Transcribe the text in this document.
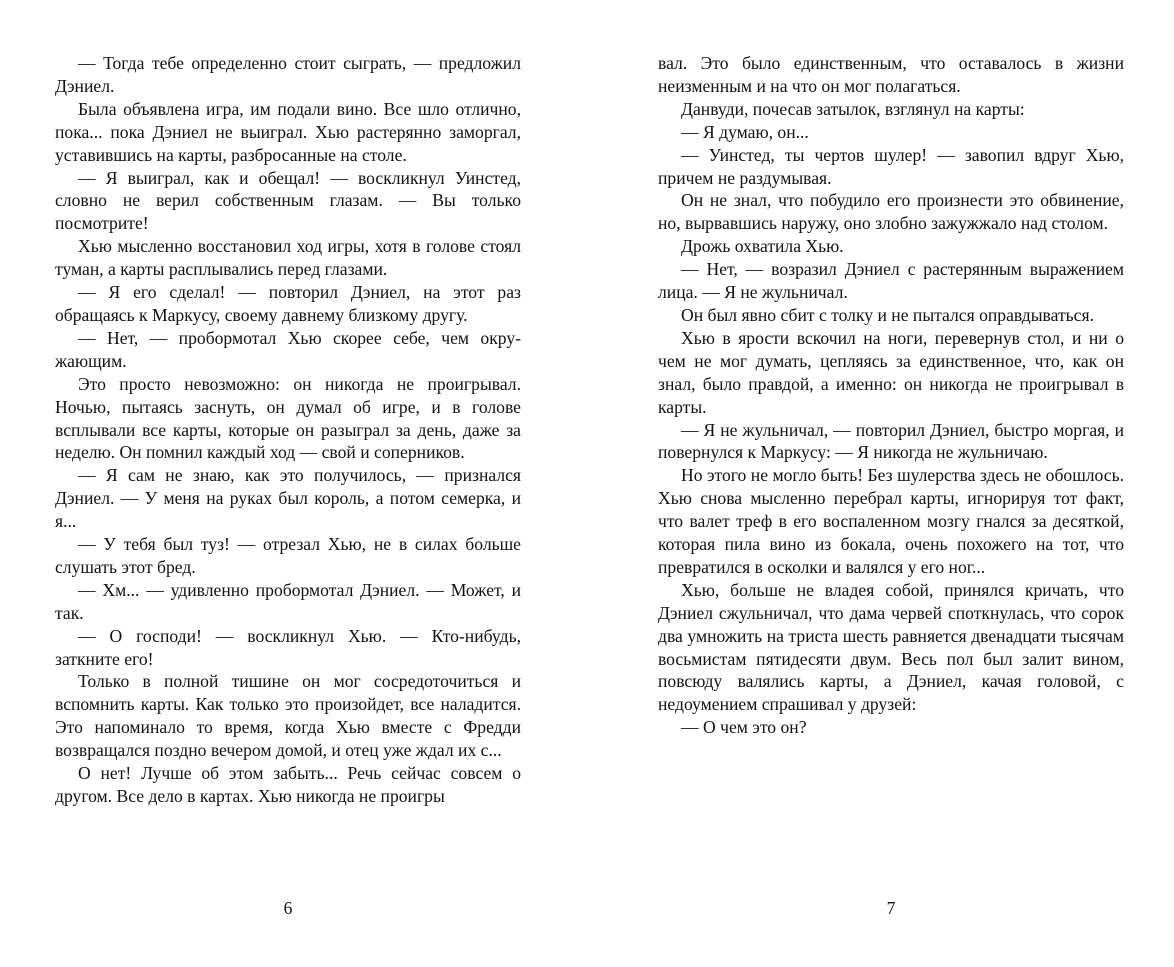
— Тогда тебе определенно стоит сыграть, — предложил Дэниел.

Была объявлена игра, им подали вино. Все шло отлично, пока... пока Дэниел не выиграл. Хью растерянно заморгал, уставившись на карты, разбросанные на столе.

— Я выиграл, как и обещал! — воскликнул Уинстед, словно не верил собственным глазам. — Вы только посмотрите!

Хью мысленно восстановил ход игры, хотя в голове стоял туман, а карты расплывались перед глазами.

— Я его сделал! — повторил Дэниел, на этот раз обращаясь к Маркусу, своему давнему близкому другу.

— Нет, — пробормотал Хью скорее себе, чем окружающим.

Это просто невозможно: он никогда не проигрывал. Ночью, пытаясь заснуть, он думал об игре, и в голове всплывали все карты, которые он разыграл за день, даже за неделю. Он помнил каждый ход — свой и соперников.

— Я сам не знаю, как это получилось, — признался Дэниел. — У меня на руках был король, а потом семерка, и я...

— У тебя был туз! — отрезал Хью, не в силах больше слушать этот бред.

— Хм... — удивленно пробормотал Дэниел. — Может, и так.

— О господи! — воскликнул Хью. — Кто-нибудь, заткните его!

Только в полной тишине он мог сосредоточиться и вспомнить карты. Как только это произойдет, все наладится. Это напоминало то время, когда Хью вместе с Фредди возвращался поздно вечером домой, и отец уже ждал их с...

О нет! Лучше об этом забыть... Речь сейчас совсем о другом. Все дело в картах. Хью никогда не проигры

6

вал. Это было единственным, что оставалось в жизни неизменным и на что он мог полагаться.

Данвуди, почесав затылок, взглянул на карты:

— Я думаю, он...

— Уинстед, ты чертов шулер! — завопил вдруг Хью, причем не раздумывая.

Он не знал, что побудило его произнести это обвинение, но, вырвавшись наружу, оно злобно зажужжало над столом.

Дрожь охватила Хью.

— Нет, — возразил Дэниел с растерянным выражением лица. — Я не жульничал.

Он был явно сбит с толку и не пытался оправдываться.

Хью в ярости вскочил на ноги, перевернув стол, и ни о чем не мог думать, цепляясь за единственное, что, как он знал, было правдой, а именно: он никогда не проигрывал в карты.

— Я не жульничал, — повторил Дэниел, быстро моргая, и повернулся к Маркусу: — Я никогда не жульничаю.

Но этого не могло быть! Без шулерства здесь не обошлось. Хью снова мысленно перебрал карты, игнорируя тот факт, что валет треф в его воспаленном мозгу гнался за десяткой, которая пила вино из бокала, очень похожего на тот, что превратился в осколки и валялся у его ног...

Хью, больше не владея собой, принялся кричать, что Дэниел сжульничал, что дама червей споткнулась, что сорок два умножить на триста шесть равняется двенадцати тысячам восьмистам пятидесяти двум. Весь пол был залит вином, повсюду валялись карты, а Дэниел, качая головой, с недоумением спрашивал у друзей:

— О чем это он?

7
